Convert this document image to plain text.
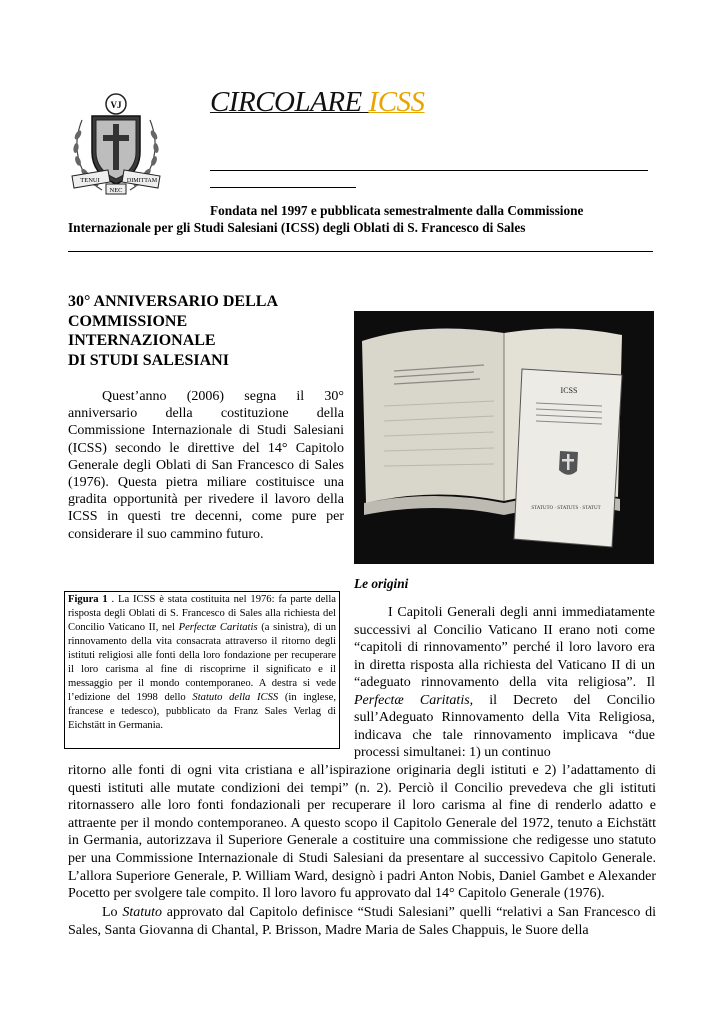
VJ
TENUI	DIMITTAM
NEC
CIRCOLARE ICSS
Fondata nel 1997 e pubblicata semestralmente dalla Commissione
Internazionale per gli Studi Salesiani (ICSS) degli Oblati di S. Francesco di Sales
30° ANNIVERSARIO DELLA
COMMISSIONE
INTERNAZIONALE
DI STUDI SALESIANI

Quest’anno (2006) segna il 30° anniversario della costituzione della Commissione Internazionale di Studi Salesiani (ICSS) secondo le direttive del 14° Capitolo Generale degli Oblati di San Francesco di Sales (1976). Questa pietra miliare costituisce una gradita opportunità per rivedere il lavoro della ICSS in questi tre decenni, come pure per considerare il suo cammino futuro.

ICSS
STATUTO · STATUTS · STATUT
Figura 1 . La ICSS è stata costituita nel 1976: fa parte della risposta degli Oblati di S. Francesco di Sales alla richiesta del Concilio Vaticano II, nel Perfectæ Caritatis (a sinistra), di un rinnovamento della vita consacrata attraverso il ritorno degli istituti religiosi alle fonti della loro fondazione per recuperare il loro carisma al fine di riscoprirne il significato e il messaggio per il mondo contemporaneo. A destra si vede l’edizione del 1998 dello Statuto della ICSS (in inglese, francese e tedesco), pubblicato da Franz Sales Verlag di Eichstätt in Germania.
Le origini

I Capitoli Generali degli anni immediatamente successivi al Concilio Vaticano II erano noti come “capitoli di rinnovamento” perché il loro lavoro era in diretta risposta alla richiesta del Vaticano II di un “adeguato rinnovamento della vita religiosa”. Il Perfectæ Caritatis, il Decreto del Concilio sull’Adeguato Rinnovamento della Vita Religiosa, indicava che tale rinnovamento implicava “due processi simultanei: 1) un continuo

ritorno alle fonti di ogni vita cristiana e all’ispirazione originaria degli istituti e 2) l’adattamento di questi istituti alle mutate condizioni dei tempi” (n. 2). Perciò il Concilio prevedeva che gli istituti ritornassero alle loro fonti fondazionali per recuperare il loro carisma al fine di renderlo adatto e attraente per il mondo contemporaneo. A questo scopo il Capitolo Generale del 1972, tenuto a Eichstätt in Germania, autorizzava il Superiore Generale a costituire una commissione che redigesse uno statuto per una Commissione Internazionale di Studi Salesiani da presentare al successivo Capitolo Generale. L’allora Superiore Generale, P. William Ward, designò i padri Anton Nobis, Daniel Gambet e Alexander Pocetto per svolgere tale compito. Il loro lavoro fu approvato dal 14° Capitolo Generale (1976).

Lo Statuto approvato dal Capitolo definisce “Studi Salesiani” quelli “relativi a San Francesco di Sales, Santa Giovanna di Chantal, P. Brisson, Madre Maria de Sales Chappuis, le Suore della
